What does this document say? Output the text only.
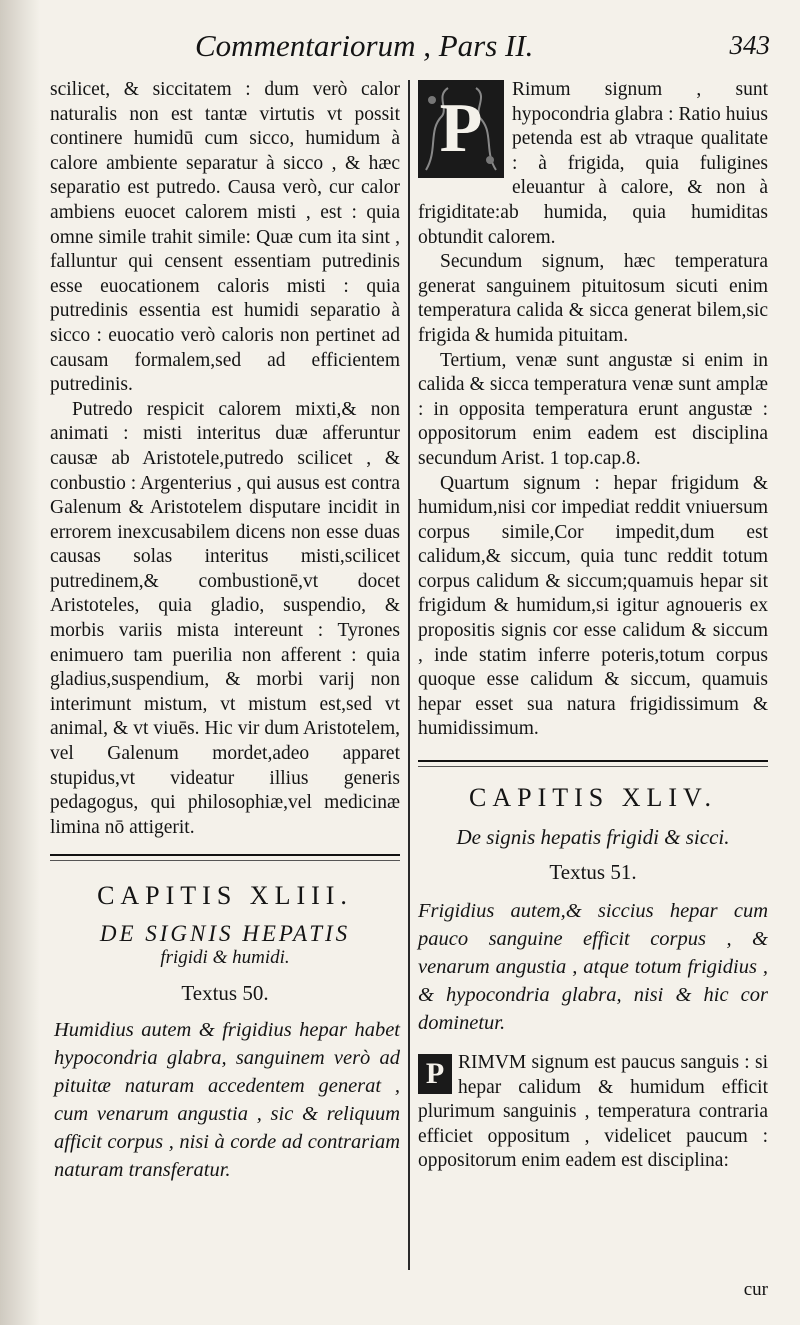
Commentariorum , Pars II.	343

scilicet, & siccitatem : dum verò calor naturalis non est tantæ virtutis vt possit continere humidū cum sicco, humidum à calore ambiente separatur à sicco , & hæc separatio est putredo. Causa verò, cur calor ambiens euocet calorem misti , est : quia omne simile trahit simile: Quæ cum ita sint , falluntur qui censent essentiam putredinis esse euocationem caloris misti : quia putredinis essentia est humidi separatio à sicco : euocatio verò caloris non pertinet ad causam formalem,sed ad efficientem putredinis.

Putredo respicit calorem mixti,& non animati : misti interitus duæ afferuntur causæ ab Aristotele,putredo scilicet , & conbustio : Argenterius , qui ausus est contra Galenum & Aristotelem disputare incidit in errorem inexcusabilem dicens non esse duas causas solas interitus misti,scilicet putredinem,& combustionē,vt docet Aristoteles, quia gladio, suspendio, & morbis variis mista intereunt : Tyrones enimuero tam puerilia non afferent : quia gladius,suspendium, & morbi varij non interimunt mistum, vt mistum est,sed vt animal, & vt viuēs. Hic vir dum Aristotelem, vel Galenum mordet,adeo apparet stupidus,vt videatur illius generis pedagogus, qui philosophiæ,vel medicinæ limina nō attigerit.

CAPITIS XLIII.

DE SIGNIS HEPATIS

frigidi & humidi.

Textus 50.

Humidius autem & frigidius hepar habet hypocondria glabra, sanguinem verò ad pituitæ naturam accedentem generat , cum venarum angustia , sic & reliquum afficit corpus , nisi à corde ad contrariam naturam transferatur.

P

Rimum signum , sunt hypocondria glabra : Ratio huius petenda est ab vtraque qualitate : à frigida, quia fuligines eleuantur à calore, & non à frigiditate:ab humida, quia humiditas obtundit calorem.

Secundum signum, hæc temperatura generat sanguinem pituitosum sicuti enim temperatura calida & sicca generat bilem,sic frigida & humida pituitam.

Tertium, venæ sunt angustæ si enim in calida & sicca temperatura venæ sunt amplæ : in opposita temperatura erunt angustæ : oppositorum enim eadem est disciplina secundum Arist. 1 top.cap.8.

Quartum signum : hepar frigidum & humidum,nisi cor impediat reddit vniuersum corpus simile,Cor impedit,dum est calidum,& siccum, quia tunc reddit totum corpus calidum & siccum;quamuis hepar sit frigidum & humidum,si igitur agnoueris ex propositis signis cor esse calidum & siccum , inde statim inferre poteris,totum corpus quoque esse calidum & siccum, quamuis hepar esset sua natura frigidissimum & humidissimum.

CAPITIS XLIV.

De signis hepatis frigidi & sicci.

Textus 51.

Frigidius autem,& siccius hepar cum pauco sanguine efficit corpus , & venarum angustia , atque totum frigidius , & hypocondria glabra, nisi & hic cor dominetur.

P RIMVM signum est paucus sanguis : si hepar calidum & humidum efficit plurimum sanguinis , temperatura contraria efficiet oppositum , videlicet paucum : oppositorum enim eadem est disciplina:

cur
